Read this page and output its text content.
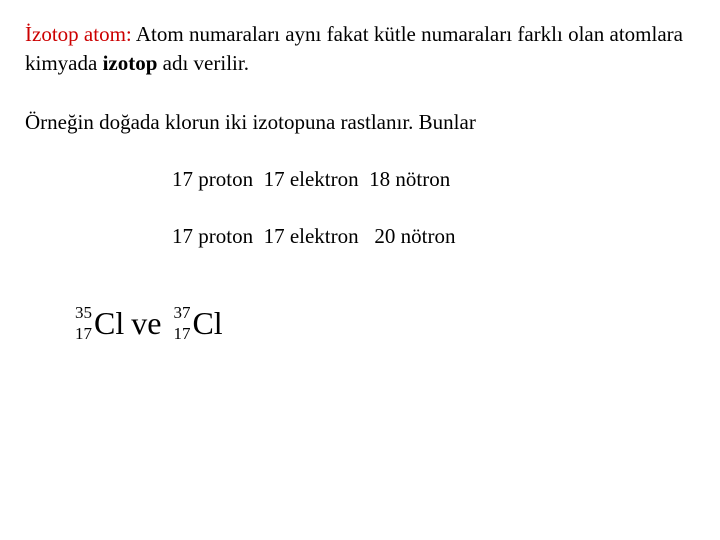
İzotop atom: Atom numaraları aynı fakat kütle numaraları farklı olan atomlara kimyada izotop adı verilir.

Örneğin doğada klorun iki izotopuna rastlanır. Bunlar

17 proton  17 elektron  18 nötron

17 proton  17 elektron   20 nötron

35
17 Cl ve 37
17 Cl
